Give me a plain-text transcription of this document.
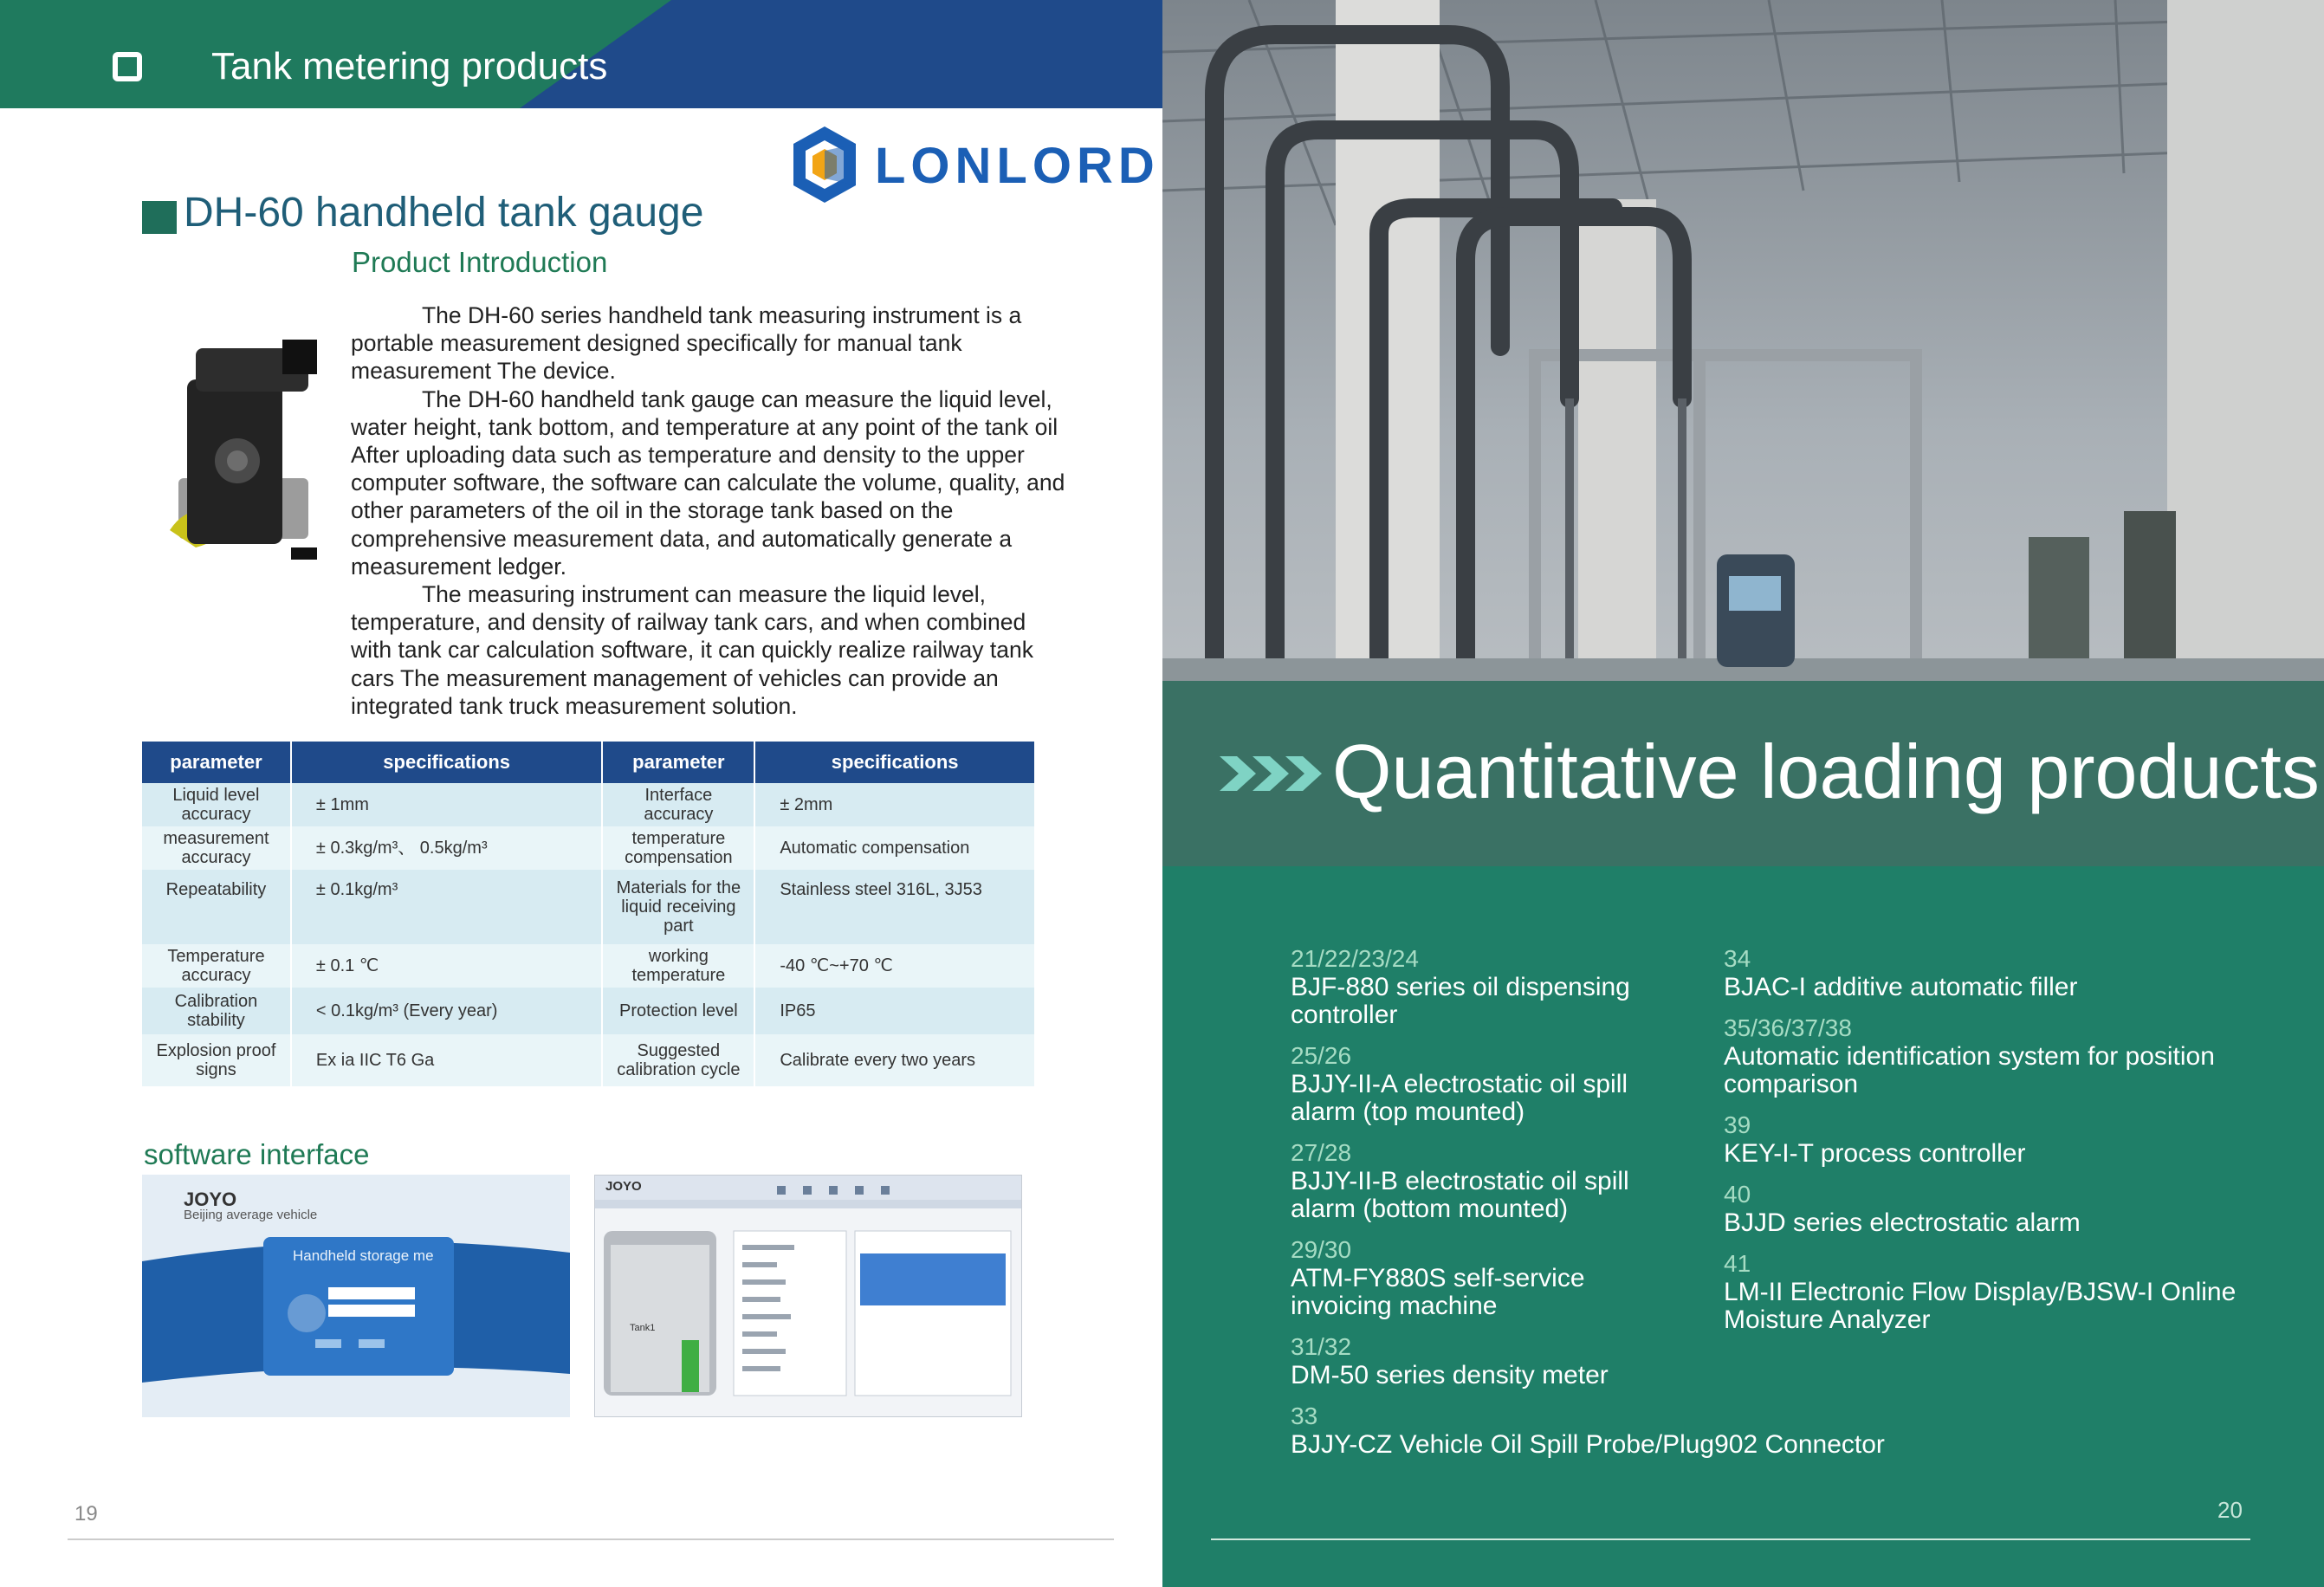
Tank metering products
LONLORD
DH-60 handheld tank gauge
Product Introduction

The DH-60 series handheld tank measuring instrument is a portable measurement designed specifically for manual tank measurement The device.

The DH-60 handheld tank gauge can measure the liquid level, water height, tank bottom, and temperature at any point of the tank oil After uploading data such as temperature and density to the upper computer software, the software can calculate the volume, quality, and other parameters of the oil in the storage tank based on the comprehensive measurement data, and automatically generate a measurement ledger.

The measuring instrument can measure the liquid level, temperature, and density of railway tank cars, and when combined with tank car calculation software, it can quickly realize railway tank cars The measurement management of vehicles can provide an integrated tank truck measurement solution.

parameter	specifications	parameter	specifications
Liquid level accuracy	± 1mm	Interface accuracy	± 2mm
measurement accuracy	± 0.3kg/m³、 0.5kg/m³	temperature compensation	Automatic compensation
Repeatability	± 0.1kg/m³	Materials for the liquid receiving part	Stainless steel 316L, 3J53
Temperature accuracy	± 0.1 ℃	working temperature	-40 ℃~+70 ℃
Calibration stability	< 0.1kg/m³ (Every year)	Protection level	IP65
Explosion proof signs	Ex ia IIC T6 Ga	Suggested calibration cycle	Calibrate every two years
software interface
JOYO
Beijing average vehicle
Handheld storage me
JOYO
Tank1
19
Quantitative loading products
21/22/23/24
BJF-880 series oil dispensing controller
25/26
BJJY-II-A electrostatic oil spill alarm (top mounted)
27/28
BJJY-II-B electrostatic oil spill alarm (bottom mounted)
29/30
ATM-FY880S self-service invoicing machine
31/32
DM-50 series density meter
33
BJJY-CZ Vehicle Oil Spill Probe/Plug902 Connector
34
BJAC-I additive automatic filler
35/36/37/38
Automatic identification system for position comparison
39
KEY-I-T process controller
40
BJJD series electrostatic alarm
41
LM-II Electronic Flow Display/BJSW-I Online Moisture Analyzer
20
